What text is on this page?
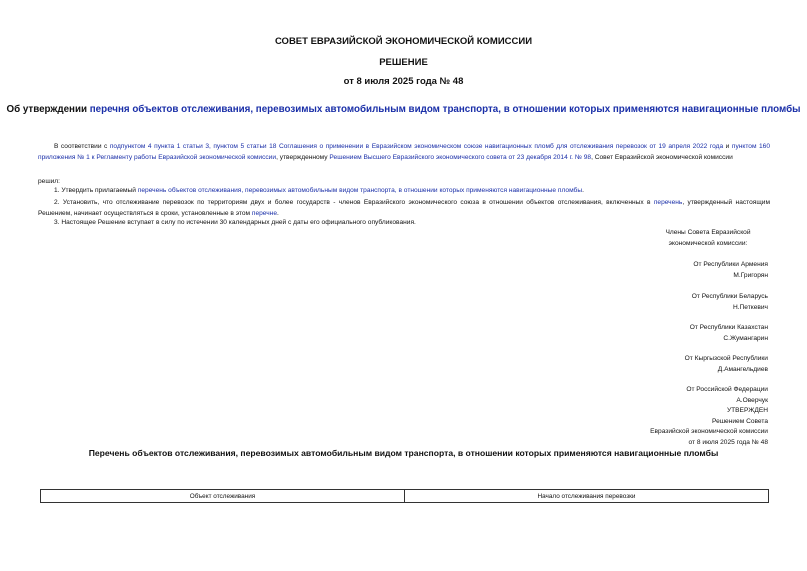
СОВЕТ ЕВРАЗИЙСКОЙ ЭКОНОМИЧЕСКОЙ КОМИССИИ
РЕШЕНИЕ
от 8 июля 2025 года № 48
Об утверждении перечня объектов отслеживания, перевозимых автомобильным видом транспорта, в отношении которых применяются навигационные пломбы
В соответствии с подпунктом 4 пункта 1 статьи 3, пунктом 5 статьи 18 Соглашения о применении в Евразийском экономическом союзе навигационных пломб для отслеживания перевозок от 19 апреля 2022 года и пунктом 160 приложения № 1 к Регламенту работы Евразийской экономической комиссии, утвержденному Решением Высшего Евразийского экономического совета от 23 декабря 2014 г. № 98, Совет Евразийской экономической комиссии
решил:
1. Утвердить прилагаемый перечень объектов отслеживания, перевозимых автомобильным видом транспорта, в отношении которых применяются навигационные пломбы.
2. Установить, что отслеживание перевозок по территориям двух и более государств - членов Евразийского экономического союза в отношении объектов отслеживания, включенных в перечень, утвержденный настоящим Решением, начинает осуществляться в сроки, установленные в этом перечне.
3. Настоящее Решение вступает в силу по истечении 30 календарных дней с даты его официального опубликования.
Члены Совета Евразийской
экономической комиссии:
От Республики Армения
М.Григорян
От Республики Беларусь
Н.Петкевич
От Республики Казахстан
С.Жумангарин
От Кыргызской Республики
Д.Амангельдиев
От Российской Федерации
А.Оверчук
УТВЕРЖДЕН
Решением Совета
Евразийской экономической комиссии
от 8 июля 2025 года № 48
Перечень объектов отслеживания, перевозимых автомобильным видом транспорта, в отношении которых применяются навигационные пломбы
Объект отслеживания	Начало отслеживания перевозки
